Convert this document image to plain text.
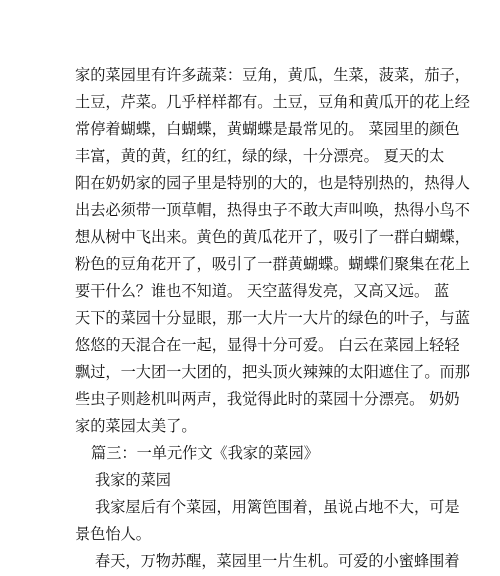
家的菜园里有许多蔬菜：豆角，黄瓜，生菜，菠菜，茄子，
土豆，芹菜。几乎样样都有。土豆，豆角和黄瓜开的花上经
常停着蝴蝶，白蝴蝶，黄蝴蝶是最常见的。 菜园里的颜色
丰富，黄的黄，红的红，绿的绿，十分漂亮。 夏天的太
阳在奶奶家的园子里是特别的大的，也是特别热的，热得人
出去必须带一顶草帽，热得虫子不敢大声叫唤，热得小鸟不
想从树中飞出来。黄色的黄瓜花开了，吸引了一群白蝴蝶，
粉色的豆角花开了，吸引了一群黄蝴蝶。蝴蝶们聚集在花上
要干什么？谁也不知道。 天空蓝得发亮，又高又远。 蓝
天下的菜园十分显眼，那一大片一大片的绿色的叶子，与蓝
悠悠的天混合在一起，显得十分可爱。 白云在菜园上轻轻
飘过，一大团一大团的，把头顶火辣辣的太阳遮住了。而那
些虫子则趁机叫两声，我觉得此时的菜园十分漂亮。 奶奶
家的菜园太美了。
篇三：一单元作文《我家的菜园》
我家的菜园
我家屋后有个菜园，用篱笆围着，虽说占地不大，可是
景色怡人。
春天，万物苏醒，菜园里一片生机。可爱的小蜜蜂围着
